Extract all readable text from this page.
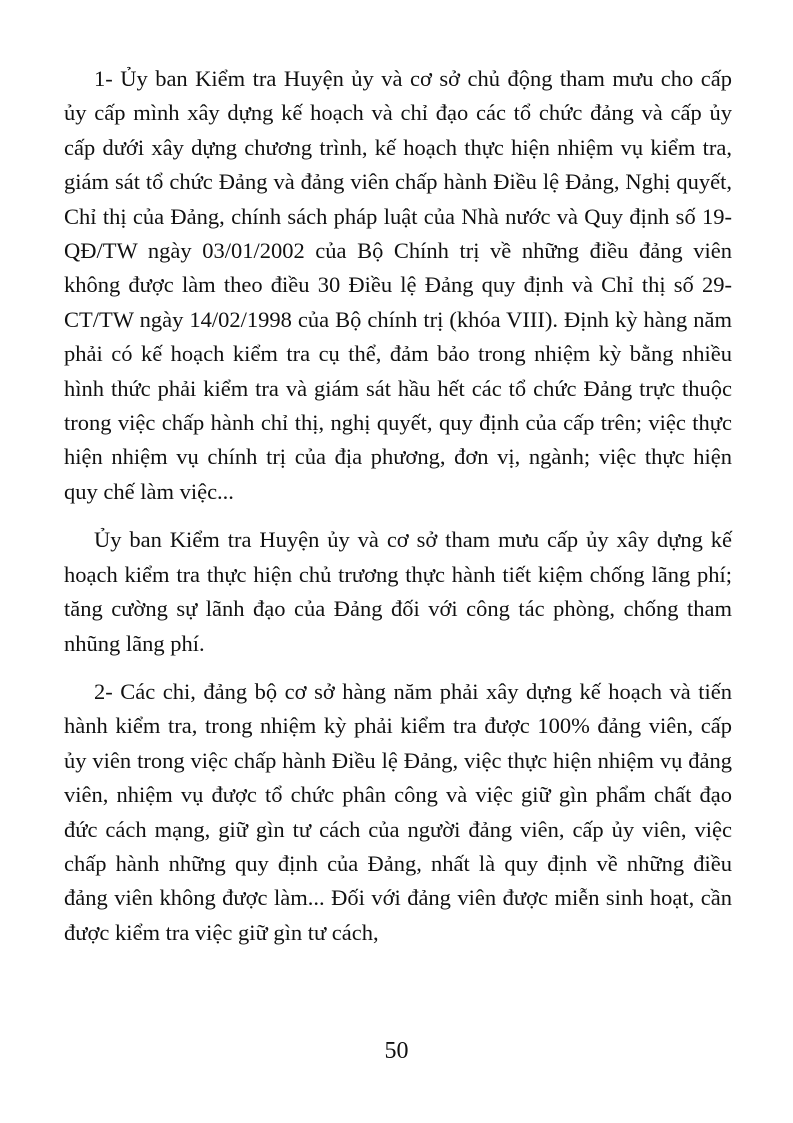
1- Ủy ban Kiểm tra Huyện ủy và cơ sở chủ động tham mưu cho cấp ủy cấp mình xây dựng kế hoạch và chỉ đạo các tổ chức đảng và cấp ủy cấp dưới xây dựng chương trình, kế hoạch thực hiện nhiệm vụ kiểm tra, giám sát tổ chức Đảng và đảng viên chấp hành Điều lệ Đảng, Nghị quyết, Chỉ thị của Đảng, chính sách pháp luật của Nhà nước và Quy định số 19-QĐ/TW ngày 03/01/2002 của Bộ Chính trị về những điều đảng viên không được làm theo điều 30 Điều lệ Đảng quy định và Chỉ thị số 29-CT/TW ngày 14/02/1998 của Bộ chính trị (khóa VIII). Định kỳ hàng năm phải có kế hoạch kiểm tra cụ thể, đảm bảo trong nhiệm kỳ bằng nhiều hình thức phải kiểm tra và giám sát hầu hết các tổ chức Đảng trực thuộc trong việc chấp hành chỉ thị, nghị quyết, quy định của cấp trên; việc thực hiện nhiệm vụ chính trị của địa phương, đơn vị, ngành; việc thực hiện quy chế làm việc...

Ủy ban Kiểm tra Huyện ủy và cơ sở tham mưu cấp ủy xây dựng kế hoạch kiểm tra thực hiện chủ trương thực hành tiết kiệm chống lãng phí; tăng cường sự lãnh đạo của Đảng đối với công tác phòng, chống tham nhũng lãng phí.

2- Các chi, đảng bộ cơ sở hàng năm phải xây dựng kế hoạch và tiến hành kiểm tra, trong nhiệm kỳ phải kiểm tra được 100% đảng viên, cấp ủy viên trong việc chấp hành Điều lệ Đảng, việc thực hiện nhiệm vụ đảng viên, nhiệm vụ được tổ chức phân công và việc giữ gìn phẩm chất đạo đức cách mạng, giữ gìn tư cách của người đảng viên, cấp ủy viên, việc chấp hành những quy định của Đảng, nhất là quy định về những điều đảng viên không được làm... Đối với đảng viên được miễn sinh hoạt, cần được kiểm tra việc giữ gìn tư cách,

50
